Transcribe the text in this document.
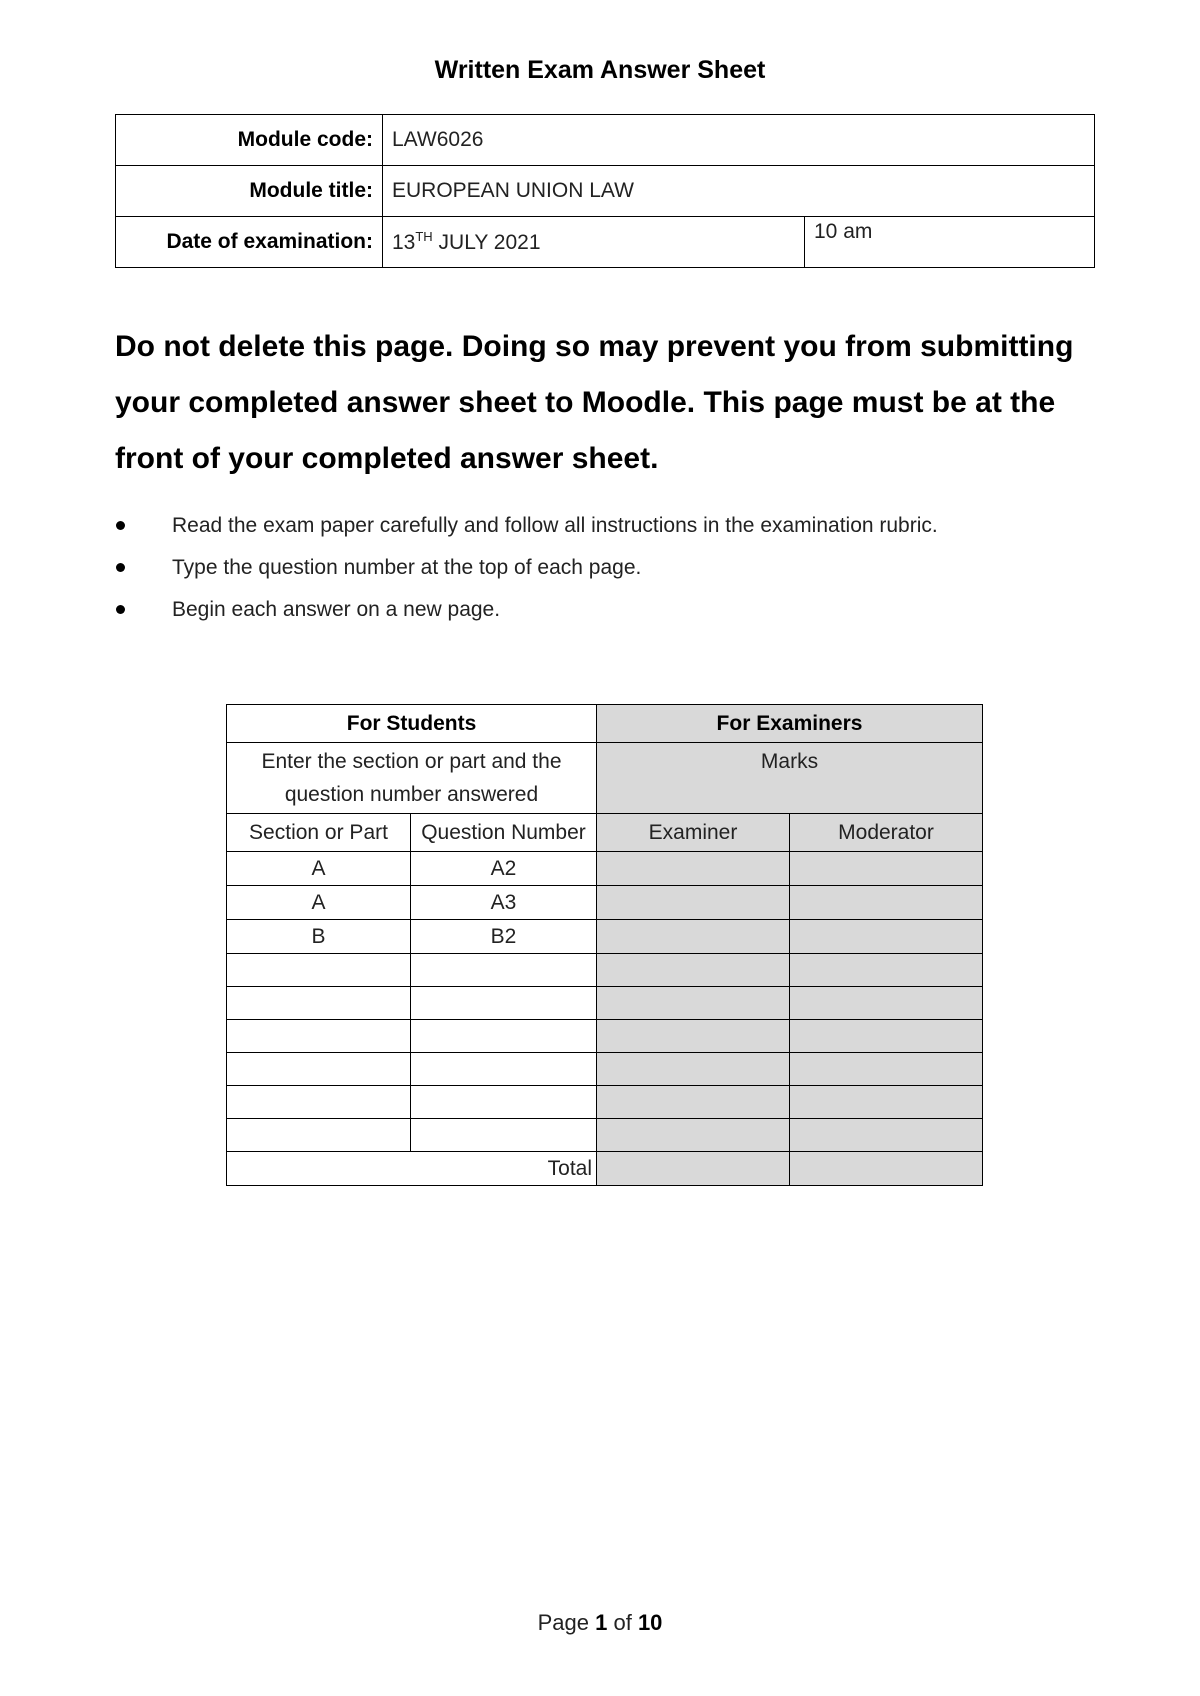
Written Exam Answer Sheet
Module code:	LAW6026	
Module title:	EUROPEAN UNION LAW	
Date of examination:	13TH JULY 2021	10 am
Do not delete this page. Doing so may prevent you from submitting your completed answer sheet to Moodle. This page must be at the front of your completed answer sheet.
Read the exam paper carefully and follow all instructions in the examination rubric.
Type the question number at the top of each page.
Begin each answer on a new page.
For Students		For Examiners	
Enter the section or part and the question number answered		Marks	
Section or Part	Question Number	Examiner	Moderator
A	A2		
A	A3		
B	B2		

Total			
Page 1 of 10
